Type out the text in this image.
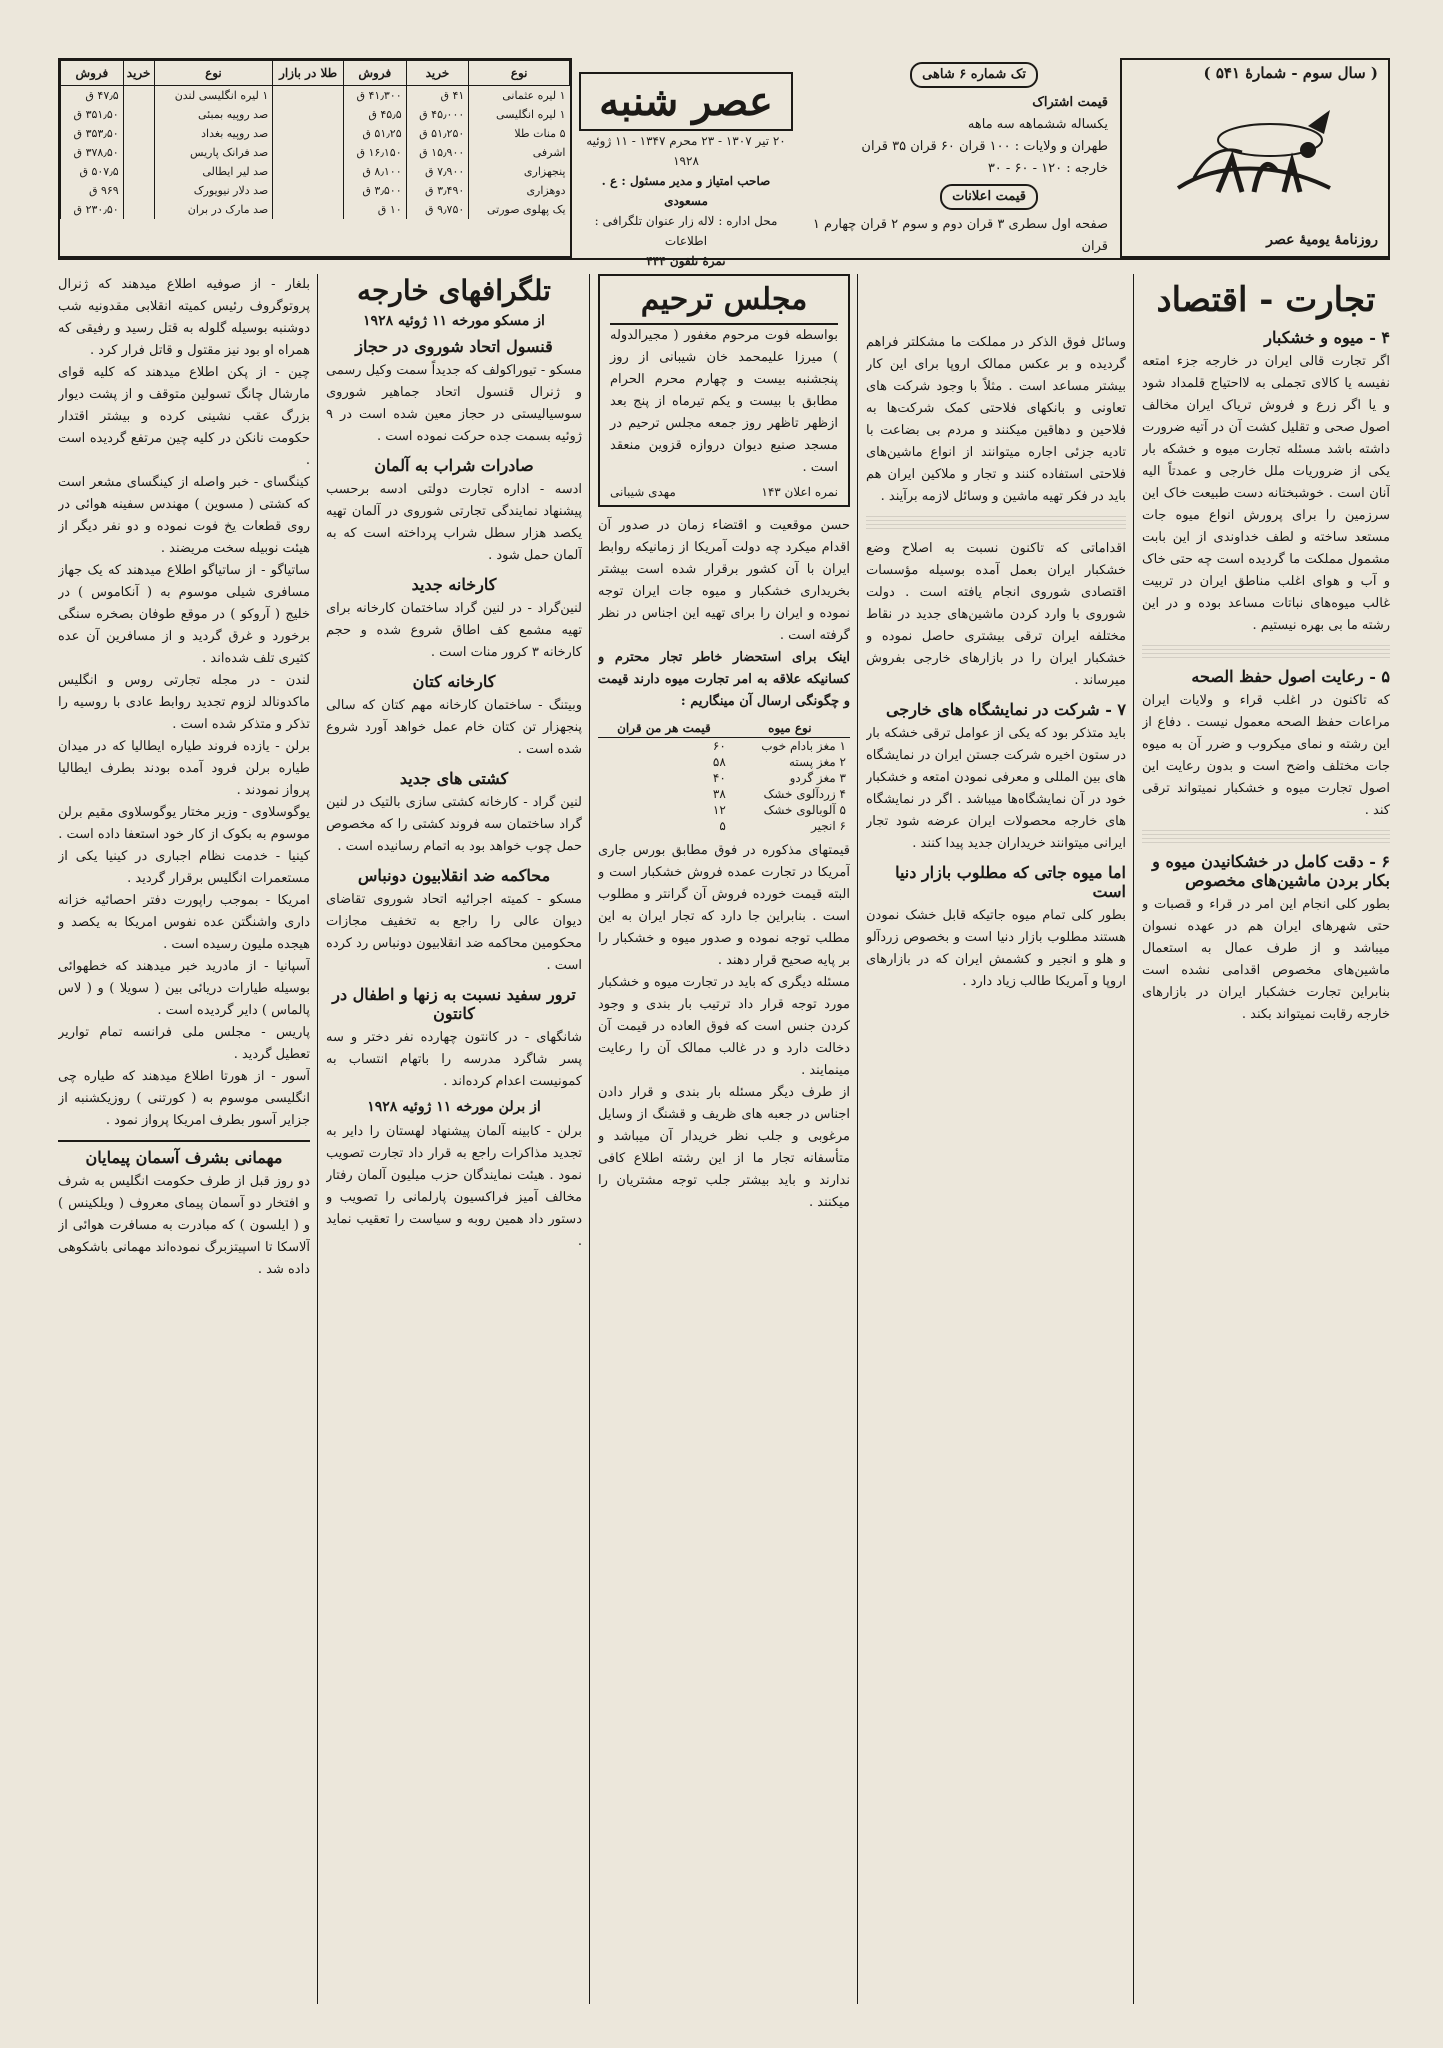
( سال سوم - شمارهٔ ۵۴۱ )
روزنامهٔ یومیهٔ عصر
تک شماره ۶ شاهی
قیمت اشتراک
یکساله ششماهه سه ماهه
طهران و ولایات : ۱۰۰ قران ۶۰ قران ۳۵ قران
خارجه : ۱۲۰ - ۶۰ - ۳۰
قیمت اعلانات
صفحه اول سطری ۳ قران دوم و سوم ۲ قران چهارم ۱ قران
عصر شنبه
۲۰ تیر ۱۳۰۷ - ۲۳ محرم ۱۳۴۷ - ۱۱ ژوئیه ۱۹۲۸
صاحب امتیاز و مدیر مسئول : ع . مسعودی
محل اداره : لاله زار عنوان تلگرافی : اطلاعات
نمرهٔ تلفون ۴۴۴
نوع	خرید	فروش	طلا در بازار	نوع	خرید	فروش
۱ لیره عثمانی	۴۱ ق	۴۱٫۳۰۰ ق		۱ لیره انگلیسی لندن		۴۷٫۵ ق
۱ لیره انگلیسی	۴۵٫۰۰۰ ق	۴۵٫۵ ق		صد روپیه بمبئی		۳۵۱٫۵۰ ق
۵ منات طلا	۵۱٫۲۵۰ ق	۵۱٫۲۵ ق		صد روپیه بغداد		۳۵۳٫۵۰ ق
اشرفی	۱۵٫۹۰۰ ق	۱۶٫۱۵۰ ق		صد فرانک پاریس		۳۷۸٫۵۰ ق
پنجهزاری	۷٫۹۰۰ ق	۸٫۱۰۰ ق		صد لیر ایطالی		۵۰۷٫۵ ق
دوهزاری	۳٫۴۹۰ ق	۳٫۵۰۰ ق		صد دلار نیویورک		۹۶۹ ق
یک پهلوی صورتی	۹٫۷۵۰ ق	۱۰ ق		صد مارک در بران		۲۳۰٫۵۰ ق
تجارت - اقتصاد
۴ - میوه و خشکبار

اگر تجارت قالی ایران در خارجه جزء امتعه نفیسه یا کالای تجملی به لااحتیاج قلمداد شود و یا اگر زرع و فروش تریاک ایران مخالف اصول صحی و تقلیل کشت آن در آتیه ضرورت داشته باشد مسئله تجارت میوه و خشکه بار یکی از ضروریات ملل خارجی و عمدتاً الیه آنان است . خوشبختانه دست طبیعت خاک این سرزمین را برای پرورش انواع میوه جات مستعد ساخته و لطف خداوندی از این بابت مشمول مملکت ما گردیده است چه حتی خاک و آب و هوای اغلب مناطق ایران در تربیت غالب میوه‌های نباتات مساعد بوده و در این رشته ما بی بهره نیستیم .

۵ - رعایت اصول حفظ الصحه

که تاکنون در اغلب قراء و ولایات ایران مراعات حفظ الصحه معمول نیست . دفاع از این رشته و نمای میکروب و ضرر آن به میوه جات مختلف واضح است و بدون رعایت این اصول تجارت میوه و خشکبار نمیتواند ترقی کند .

۶ - دقت کامل در خشکانیدن میوه و بکار بردن ماشین‌های مخصوص

بطور کلی انجام این امر در قراء و قصبات و حتی شهرهای ایران هم در عهده نسوان میباشد و از طرف عمال به استعمال ماشین‌های مخصوص اقدامی نشده است بنابراین تجارت خشکبار ایران در بازارهای خارجه رقابت نمیتواند بکند .

وسائل فوق الذکر در مملکت ما مشکلتر فراهم گردیده و بر عکس ممالک اروپا برای این کار بیشتر مساعد است . مثلاً با وجود شرکت های تعاونی و بانکهای فلاحتی کمک شرکت‌ها به فلاحین و دهاقین میکنند و مردم بی بضاعت با تادیه جزئی اجاره میتوانند از انواع ماشین‌های فلاحتی استفاده کنند و تجار و ملاکین ایران هم باید در فکر تهیه ماشین و وسائل لازمه برآیند .

اقداماتی که تاکنون نسبت به اصلاح وضع خشکبار ایران بعمل آمده بوسیله مؤسسات اقتصادی شوروی انجام یافته است . دولت شوروی با وارد کردن ماشین‌های جدید در نقاط مختلفه ایران ترقی بیشتری حاصل نموده و خشکبار ایران را در بازارهای خارجی بفروش میرساند .

۷ - شرکت در نمایشگاه های خارجی

باید متذکر بود که یکی از عوامل ترقی خشکه بار در ستون اخیره شرکت جستن ایران در نمایشگاه های بین المللی و معرفی نمودن امتعه و خشکبار خود در آن نمایشگاه‌ها میباشد . اگر در نمایشگاه های خارجه محصولات ایران عرضه شود تجار ایرانی میتوانند خریداران جدید پیدا کنند .

اما میوه جاتی که مطلوب بازار دنیا است

بطور کلی تمام میوه جاتیکه قابل خشک نمودن هستند مطلوب بازار دنیا است و بخصوص زردآلو و هلو و انجیر و کشمش ایران که در بازارهای اروپا و آمریکا طالب زیاد دارد .

مجلس ترحیم

بواسطه فوت مرحوم مغفور ( مجیرالدوله ) میرزا علیمحمد خان شیبانی از روز پنجشنبه بیست و چهارم محرم الحرام مطابق با بیست و یکم تیرماه از پنج بعد ازظهر تاظهر روز جمعه مجلس ترحیم در مسجد صنیع دیوان دروازه قزوین منعقد است .

نمره اعلان ۱۴۳
مهدی شیبانی

حسن موقعیت و اقتضاء زمان در صدور آن اقدام میکرد چه دولت آمریکا از زمانیکه روابط ایران با آن کشور برقرار شده است بیشتر بخریداری خشکبار و میوه جات ایران توجه نموده و ایران را برای تهیه این اجناس در نظر گرفته است .

اینک برای استحضار خاطر تجار محترم و کسانیکه علاقه به امر تجارت میوه دارند قیمت و چگونگی ارسال آن مینگاریم :

نوع میوه	قیمت هر من قران
۱ مغز بادام خوب	۶۰
۲ مغز پسته	۵۸
۳ مغز گردو	۴۰
۴ زردآلوی خشک	۳۸
۵ آلوبالوی خشک	۱۲
۶ انجیر	۵

قیمتهای مذکوره در فوق مطابق بورس جاری آمریکا در تجارت عمده فروش خشکبار است و البته قیمت خورده فروش آن گرانتر و مطلوب است . بنابراین جا دارد که تجار ایران به این مطلب توجه نموده و صدور میوه و خشکبار را بر پایه صحیح قرار دهند .

مسئله دیگری که باید در تجارت میوه و خشکبار مورد توجه قرار داد ترتیب بار بندی و وجود کردن جنس است که فوق العاده در قیمت آن دخالت دارد و در غالب ممالک آن را رعایت مینمایند .

از طرف دیگر مسئله بار بندی و قرار دادن اجناس در جعبه های ظریف و قشنگ از وسایل مرغوبی و جلب نظر خریدار آن میباشد و متأسفانه تجار ما از این رشته اطلاع کافی ندارند و باید بیشتر جلب توجه مشتریان را میکنند .

تلگرافهای خارجه
از مسکو مورخه ۱۱ ژوئیه ۱۹۲۸
قنسول اتحاد شوروی در حجاز

مسکو - تیوراکولف که جدیداً سمت وکیل رسمی و ژنرال قنسول اتحاد جماهیر شوروی سوسیالیستی در حجاز معین شده است در ۹ ژوئیه بسمت جده حرکت نموده است .

صادرات شراب به آلمان

ادسه - اداره تجارت دولتی ادسه برحسب پیشنهاد نمایندگی تجارتی شوروی در آلمان تهیه یکصد هزار سطل شراب پرداخته است که به آلمان حمل شود .

کارخانه جدید

لنین‌گراد - در لنین گراد ساختمان کارخانه برای تهیه مشمع کف اطاق شروع شده و حجم کارخانه ۳ کرور منات است .

کارخانه کتان

وبیتنگ - ساختمان کارخانه مهم کتان که سالی پنجهزار تن کتان خام عمل خواهد آورد شروع شده است .

کشتی های جدید

لنین گراد - کارخانه کشتی سازی بالتیک در لنین گراد ساختمان سه فروند کشتی را که مخصوص حمل چوب خواهد بود به اتمام رسانیده است .

محاکمه ضد انقلابیون دونباس

مسکو - کمیته اجرائیه اتحاد شوروی تقاضای دیوان عالی را راجع به تخفیف مجازات محکومین محاکمه ضد انقلابیون دونباس رد کرده است .

ترور سفید نسبت به زنها و اطفال در کانتون

شانگهای - در کانتون چهارده نفر دختر و سه پسر شاگرد مدرسه را باتهام انتساب به کمونیست اعدام کرده‌اند .

از برلن مورخه ۱۱ ژوئیه ۱۹۲۸

برلن - کابینه آلمان پیشنهاد لهستان را دایر به تجدید مذاکرات راجع به قرار داد تجارت تصویب نمود . هیئت نمایندگان حزب میلیون آلمان رفتار مخالف آمیز فراکسیون پارلمانی را تصویب و دستور داد همین روبه و سیاست را تعقیب نماید .

بلغار - از صوفیه اطلاع میدهند که ژنرال پروتوگروف رئیس کمیته انقلابی مقدونیه شب دوشنبه بوسیله گلوله به قتل رسید و رفیقی که همراه او بود نیز مقتول و قاتل فرار کرد .

چین - از پکن اطلاع میدهند که کلیه قوای مارشال چانگ تسولین متوقف و از پشت دیوار بزرگ عقب نشینی کرده و بیشتر اقتدار حکومت نانکن در کلیه چین مرتفع گردیده است .

کینگسای - خبر واصله از کینگسای مشعر است که کشتی ( مسوین ) مهندس سفینه هوائی در روی قطعات یخ فوت نموده و دو نفر دیگر از هیئت نوبیله سخت مریضند .

ساتیاگو - از ساتیاگو اطلاع میدهند که یک جهاز مسافری شیلی موسوم به ( آنکاموس ) در خلیج ( آروکو ) در موقع طوفان بصخره سنگی برخورد و غرق گردید و از مسافرین آن عده کثیری تلف شده‌اند .

لندن - در مجله تجارتی روس و انگلیس ماکدونالد لزوم تجدید روابط عادی با روسیه را تذکر و متذکر شده است .

برلن - یازده فروند طیاره ایطالیا که در میدان طیاره برلن فرود آمده بودند بطرف ایطالیا پرواز نمودند .

یوگوسلاوی - وزیر مختار یوگوسلاوی مقیم برلن موسوم به بکوک از کار خود استعفا داده است .

کینیا - خدمت نظام اجباری در کینیا یکی از مستعمرات انگلیس برقرار گردید .

امریکا - بموجب راپورت دفتر احصائیه خزانه داری واشنگتن عده نفوس امریکا به یکصد و هیجده ملیون رسیده است .

آسپانیا - از مادرید خبر میدهند که خطهوائی بوسیله طیارات دریائی بین ( سویلا ) و ( لاس پالماس ) دایر گردیده است .

پاریس - مجلس ملی فرانسه تمام تواریر تعطیل گردید .

آسور - از هورتا اطلاع میدهند که طیاره چی انگلیسی موسوم به ( کورتنی ) روزیکشنبه از جزایر آسور بطرف امریکا پرواز نمود .

مهمانی بشرف آسمان پیمایان

دو روز قبل از طرف حکومت انگلیس به شرف و افتخار دو آسمان پیمای معروف ( ویلکینس ) و ( ایلسون ) که مبادرت به مسافرت هوائی از آلاسکا تا اسپیتزبرگ نموده‌اند مهمانی باشکوهی داده شد .
